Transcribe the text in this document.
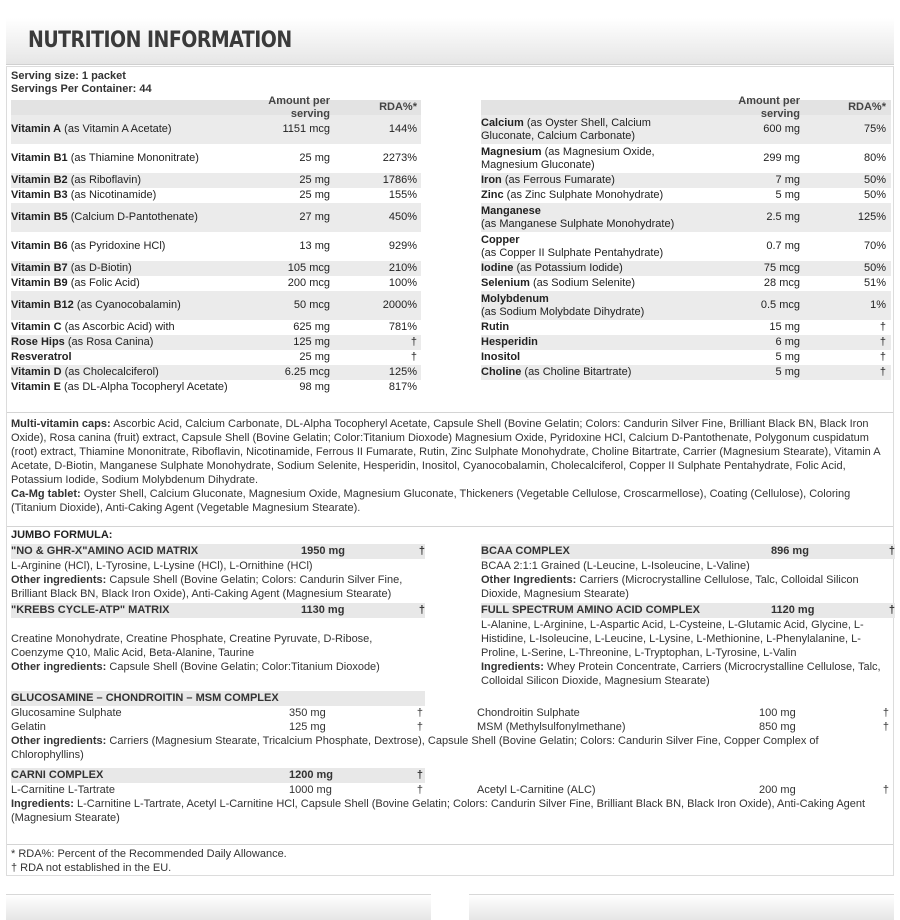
NUTRITION INFORMATION
Serving size: 1 packet
Servings Per Container: 44
Amount per serving
RDA%*
Vitamin A (as Vitamin A Acetate)	1151 mcg	144%
Vitamin B1 (as Thiamine Mononitrate)	25 mg	2273%
Vitamin B2 (as Riboflavin)	25 mg	1786%
Vitamin B3 (as Nicotinamide)	25 mg	155%
Vitamin B5 (Calcium D-Pantothenate)	27 mg	450%
Vitamin B6 (as Pyridoxine HCl)	13 mg	929%
Vitamin B7 (as D-Biotin)	105 mcg	210%
Vitamin B9 (as Folic Acid)	200 mcg	100%
Vitamin B12 (as Cyanocobalamin)	50 mcg	2000%
Vitamin C (as Ascorbic Acid) with	625 mg	781%
Rose Hips (as Rosa Canina)	125 mg	†
Resveratrol	25 mg	†
Vitamin D (as Cholecalciferol)	6.25 mcg	125%
Vitamin E (as DL-Alpha Tocopheryl Acetate)	98 mg	817%
Amount per serving
RDA%*
Calcium (as Oyster Shell, Calcium Gluconate, Calcium Carbonate)
600 mg	75%
Magnesium (as Magnesium Oxide, Magnesium Gluconate)
299 mg	80%
Iron (as Ferrous Fumarate)	7 mg	50%
Zinc (as Zinc Sulphate Monohydrate)	5 mg	50%
Manganese
(as Manganese Sulphate Monohydrate)
2.5 mg	125%
Copper
(as Copper II Sulphate Pentahydrate)
0.7 mg	70%
Iodine (as Potassium Iodide)	75 mcg	50%
Selenium (as Sodium Selenite)	28 mcg	51%
Molybdenum
(as Sodium Molybdate Dihydrate)
0.5 mcg	1%
Rutin	15 mg	†
Hesperidin	6 mg	†
Inositol	5 mg	†
Choline (as Choline Bitartrate)	5 mg	†

Multi-vitamin caps: Ascorbic Acid, Calcium Carbonate, DL-Alpha Tocopheryl Acetate, Capsule Shell (Bovine Gelatin; Colors: Candurin Silver Fine, Brilliant Black BN, Black Iron Oxide), Rosa canina (fruit) extract, Capsule Shell (Bovine Gelatin; Color:Titanium Dioxode) Magnesium Oxide, Pyridoxine HCl, Calcium D-Pantothenate, Polygonum cuspidatum (root) extract, Thiamine Mononitrate, Riboflavin, Nicotinamide, Ferrous II Fumarate, Rutin, Zinc Sulphate Monohydrate, Choline Bitartrate, Carrier (Magnesium Stearate), Vitamin A Acetate, D-Biotin, Manganese Sulphate Monohydrate, Sodium Selenite, Hesperidin, Inositol, Cyanocobalamin, Cholecalciferol, Copper II Sulphate Pentahydrate, Folic Acid, Potassium Iodide, Sodium Molybdenum Dihydrate.

Ca-Mg tablet: Oyster Shell, Calcium Gluconate, Magnesium Oxide, Magnesium Gluconate, Thickeners (Vegetable Cellulose, Croscarmellose), Coating (Cellulose), Coloring (Titanium Dioxide), Anti-Caking Agent (Vegetable Magnesium Stearate).

JUMBO FORMULA:
"NO & GHR-X"AMINO ACID MATRIX	1950 mg	†
L-Arginine (HCl), L-Tyrosine, L-Lysine (HCl), L-Ornithine (HCl)
Other ingredients: Capsule Shell (Bovine Gelatin; Colors: Candurin Silver Fine, Brilliant Black BN, Black Iron Oxide), Anti-Caking Agent (Magnesium Stearate)
"KREBS CYCLE-ATP" MATRIX	1130 mg	†
Creatine Monohydrate, Creatine Phosphate, Creatine Pyruvate, D-Ribose, Coenzyme Q10, Malic Acid, Beta-Alanine, Taurine
Other ingredients: Capsule Shell (Bovine Gelatin; Color:Titanium Dioxode)
BCAA COMPLEX	896 mg	†
BCAA 2:1:1 Grained (L-Leucine, L-Isoleucine, L-Valine)
Other Ingredients: Carriers (Microcrystalline Cellulose, Talc, Colloidal Silicon Dioxide, Magnesium Stearate)
FULL SPECTRUM AMINO ACID COMPLEX	1120 mg	†
L-Alanine, L-Arginine, L-Aspartic Acid, L-Cysteine, L-Glutamic Acid, Glycine, L-Histidine, L-Isoleucine, L-Leucine, L-Lysine, L-Methionine, L-Phenylalanine, L-Proline, L-Serine, L-Threonine, L-Tryptophan, L-Tyrosine, L-Valin
Ingredients: Whey Protein Concentrate, Carriers (Microcrystalline Cellulose, Talc, Colloidal Silicon Dioxide, Magnesium Stearate)
GLUCOSAMINE – CHONDROITIN – MSM COMPLEX
Glucosamine Sulphate	350 mg	†
Gelatin	125 mg	†
Chondroitin Sulphate	100 mg	†
MSM (Methylsulfonylmethane)	850 mg	†
Other ingredients: Carriers (Magnesium Stearate, Tricalcium Phosphate, Dextrose), Capsule Shell (Bovine Gelatin; Colors: Candurin Silver Fine, Copper Complex of Chlorophyllins)
CARNI COMPLEX	1200 mg	†
L-Carnitine L-Tartrate	1000 mg	†	Acetyl L-Carnitine (ALC)	200 mg	†
Ingredients: L-Carnitine L-Tartrate, Acetyl L-Carnitine HCl, Capsule Shell (Bovine Gelatin; Colors: Candurin Silver Fine, Brilliant Black BN, Black Iron Oxide), Anti-Caking Agent (Magnesium Stearate)
* RDA%: Percent of the Recommended Daily Allowance.
† RDA not established in the EU.
